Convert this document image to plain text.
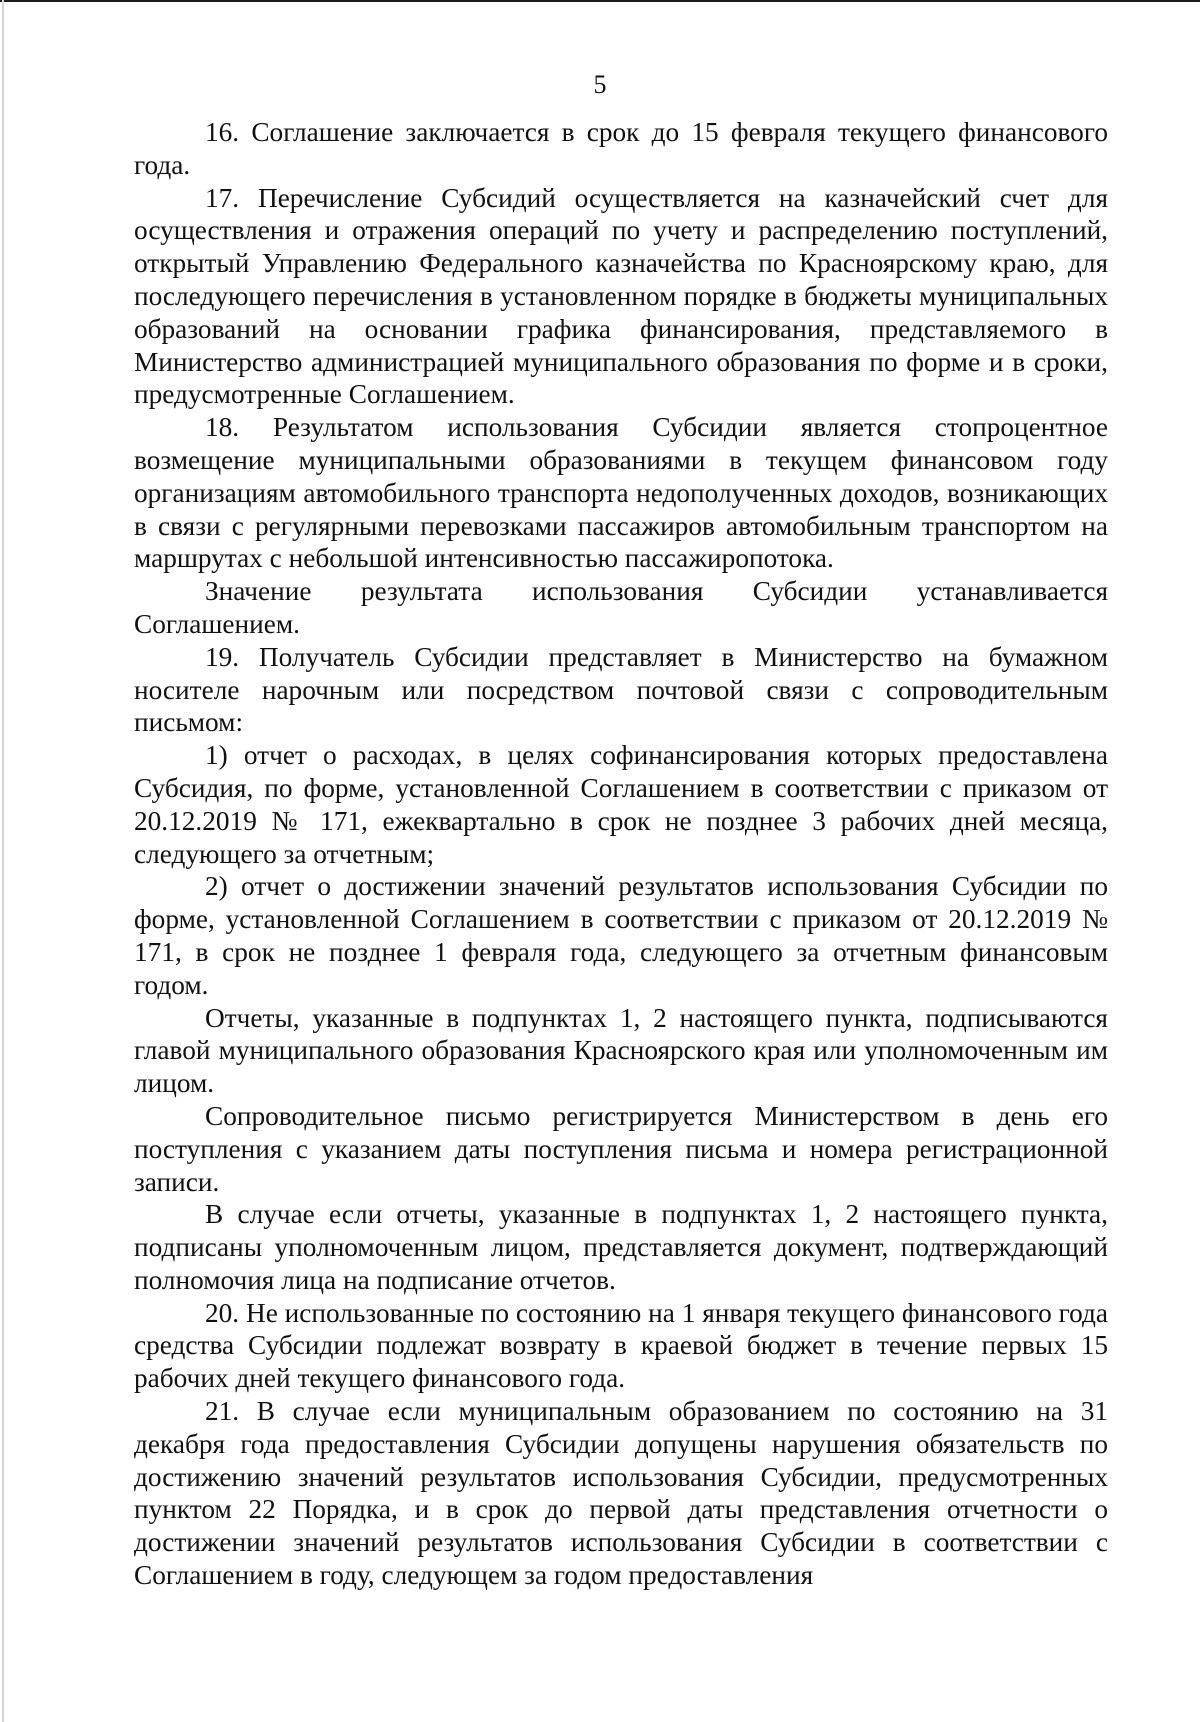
5

16. Соглашение заключается в срок до 15 февраля текущего финансового года.

17. Перечисление Субсидий осуществляется на казначейский счет для осуществления и отражения операций по учету и распределению поступлений, открытый Управлению Федерального казначейства по Красноярскому краю, для последующего перечисления в установленном порядке в бюджеты муниципальных образований на основании графика финансирования, представляемого в Министерство администрацией муниципального образования по форме и в сроки, предусмотренные Соглашением.

18. Результатом использования Субсидии является стопроцентное возмещение муниципальными образованиями в текущем финансовом году организациям автомобильного транспорта недополученных доходов, возникающих в связи с регулярными перевозками пассажиров автомобильным транспортом на маршрутах с небольшой интенсивностью пассажиропотока.

Значение результата использования Субсидии устанавливается Соглашением.

19. Получатель Субсидии представляет в Министерство на бумажном носителе нарочным или посредством почтовой связи с сопроводительным письмом:

1) отчет о расходах, в целях софинансирования которых предоставлена Субсидия, по форме, установленной Соглашением в соответствии с приказом от 20.12.2019 № 171, ежеквартально в срок не позднее 3 рабочих дней месяца, следующего за отчетным;

2) отчет о достижении значений результатов использования Субсидии по форме, установленной Соглашением в соответствии с приказом от 20.12.2019 № 171, в срок не позднее 1 февраля года, следующего за отчетным финансовым годом.

Отчеты, указанные в подпунктах 1, 2 настоящего пункта, подписываются главой муниципального образования Красноярского края или уполномоченным им лицом.

Сопроводительное письмо регистрируется Министерством в день его поступления с указанием даты поступления письма и номера регистрационной записи.

В случае если отчеты, указанные в подпунктах 1, 2 настоящего пункта, подписаны уполномоченным лицом, представляется документ, подтверждающий полномочия лица на подписание отчетов.

20. Не использованные по состоянию на 1 января текущего финансового года средства Субсидии подлежат возврату в краевой бюджет в течение первых 15 рабочих дней текущего финансового года.

21. В случае если муниципальным образованием по состоянию на 31 декабря года предоставления Субсидии допущены нарушения обязательств по достижению значений результатов использования Субсидии, предусмотренных пунктом 22 Порядка, и в срок до первой даты представления отчетности о достижении значений результатов использования Субсидии в соответствии с Соглашением в году, следующем за годом предоставления
